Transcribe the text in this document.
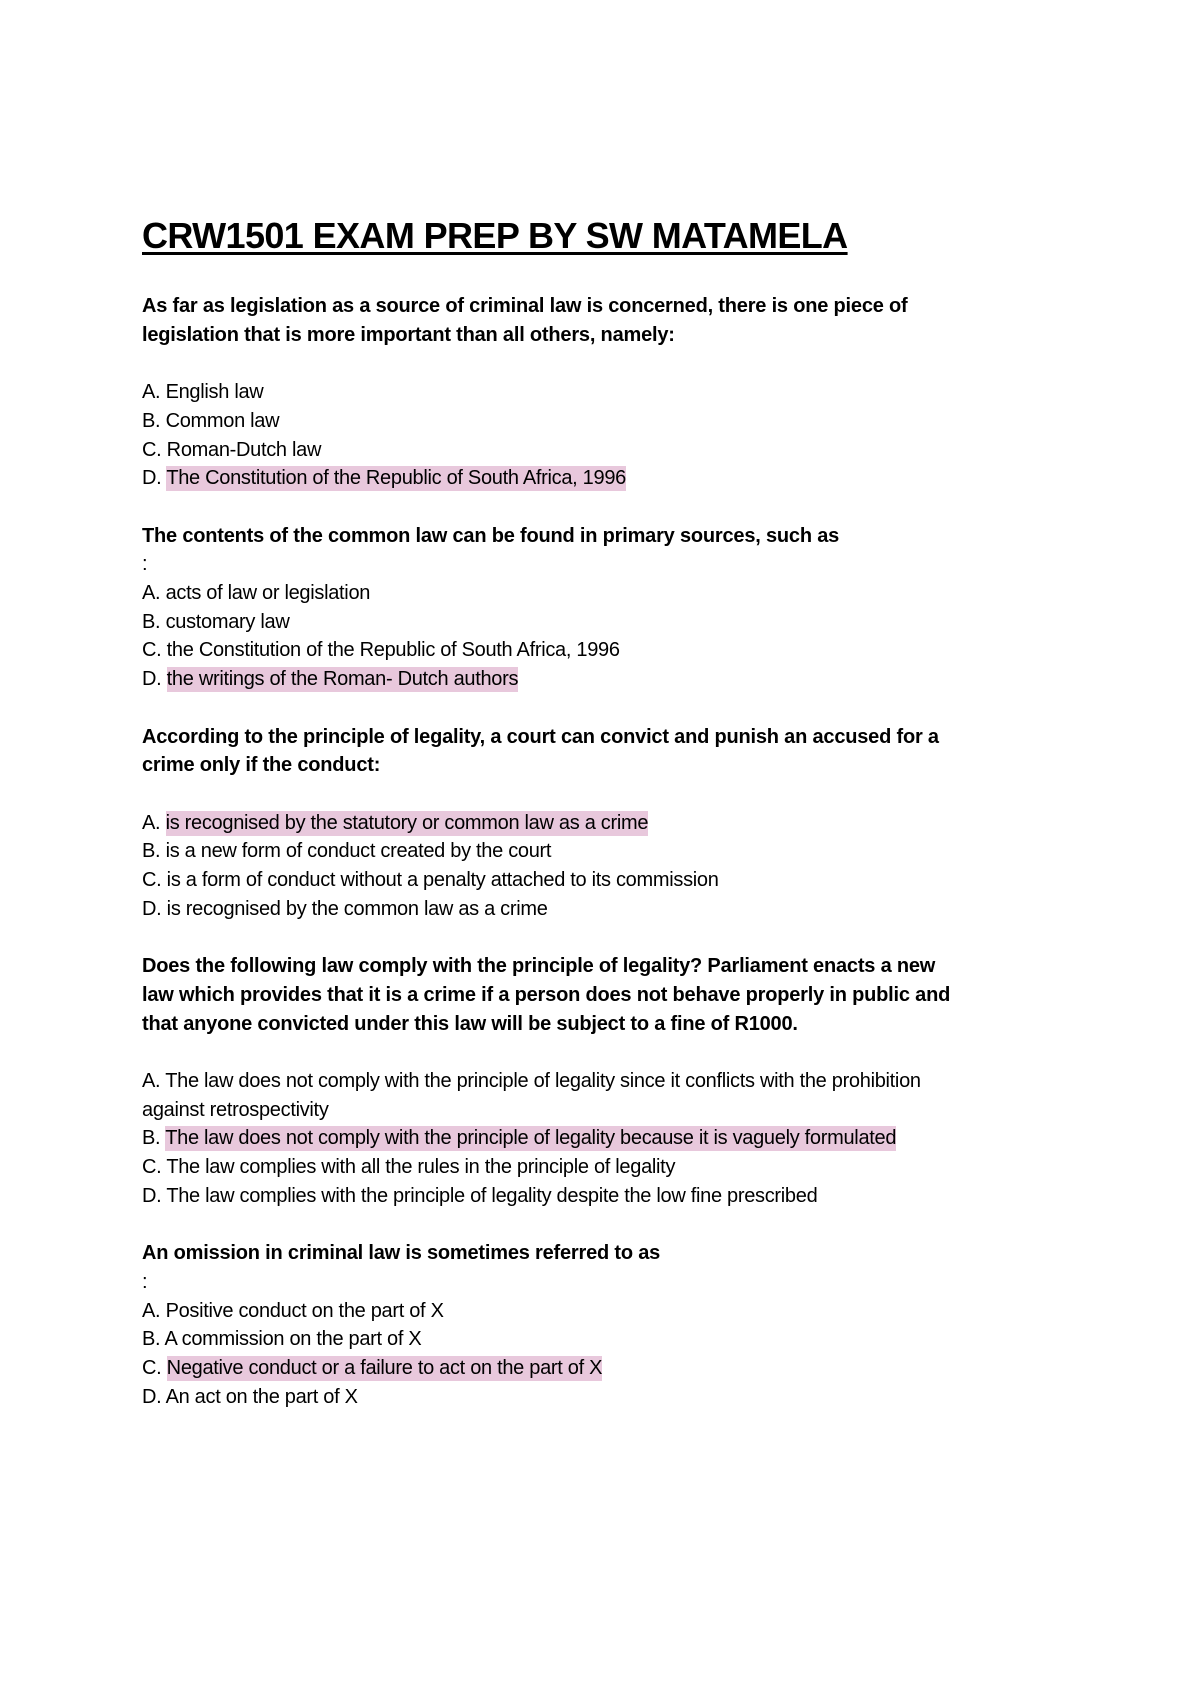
CRW1501 EXAM PREP BY SW MATAMELA

As far as legislation as a source of criminal law is concerned, there is one piece of legislation that is more important than all others, namely:

A. English law
B. Common law
C. Roman-Dutch law
D. The Constitution of the Republic of South Africa, 1996

The contents of the common law can be found in primary sources, such as

:

A. acts of law or legislation
B. customary law
C. the Constitution of the Republic of South Africa, 1996
D. the writings of the Roman- Dutch authors

According to the principle of legality, a court can convict and punish an accused for a crime only if the conduct:

A. is recognised by the statutory or common law as a crime
B. is a new form of conduct created by the court
C. is a form of conduct without a penalty attached to its commission
D. is recognised by the common law as a crime

Does the following law comply with the principle of legality? Parliament enacts a new law which provides that it is a crime if a person does not behave properly in public and that anyone convicted under this law will be subject to a fine of R1000.

A. The law does not comply with the principle of legality since it conflicts with the prohibition against retrospectivity
B. The law does not comply with the principle of legality because it is vaguely formulated
C. The law complies with all the rules in the principle of legality
D. The law complies with the principle of legality despite the low fine prescribed

An omission in criminal law is sometimes referred to as

:

A. Positive conduct on the part of X
B. A commission on the part of X
C. Negative conduct or a failure to act on the part of X
D. An act on the part of X
